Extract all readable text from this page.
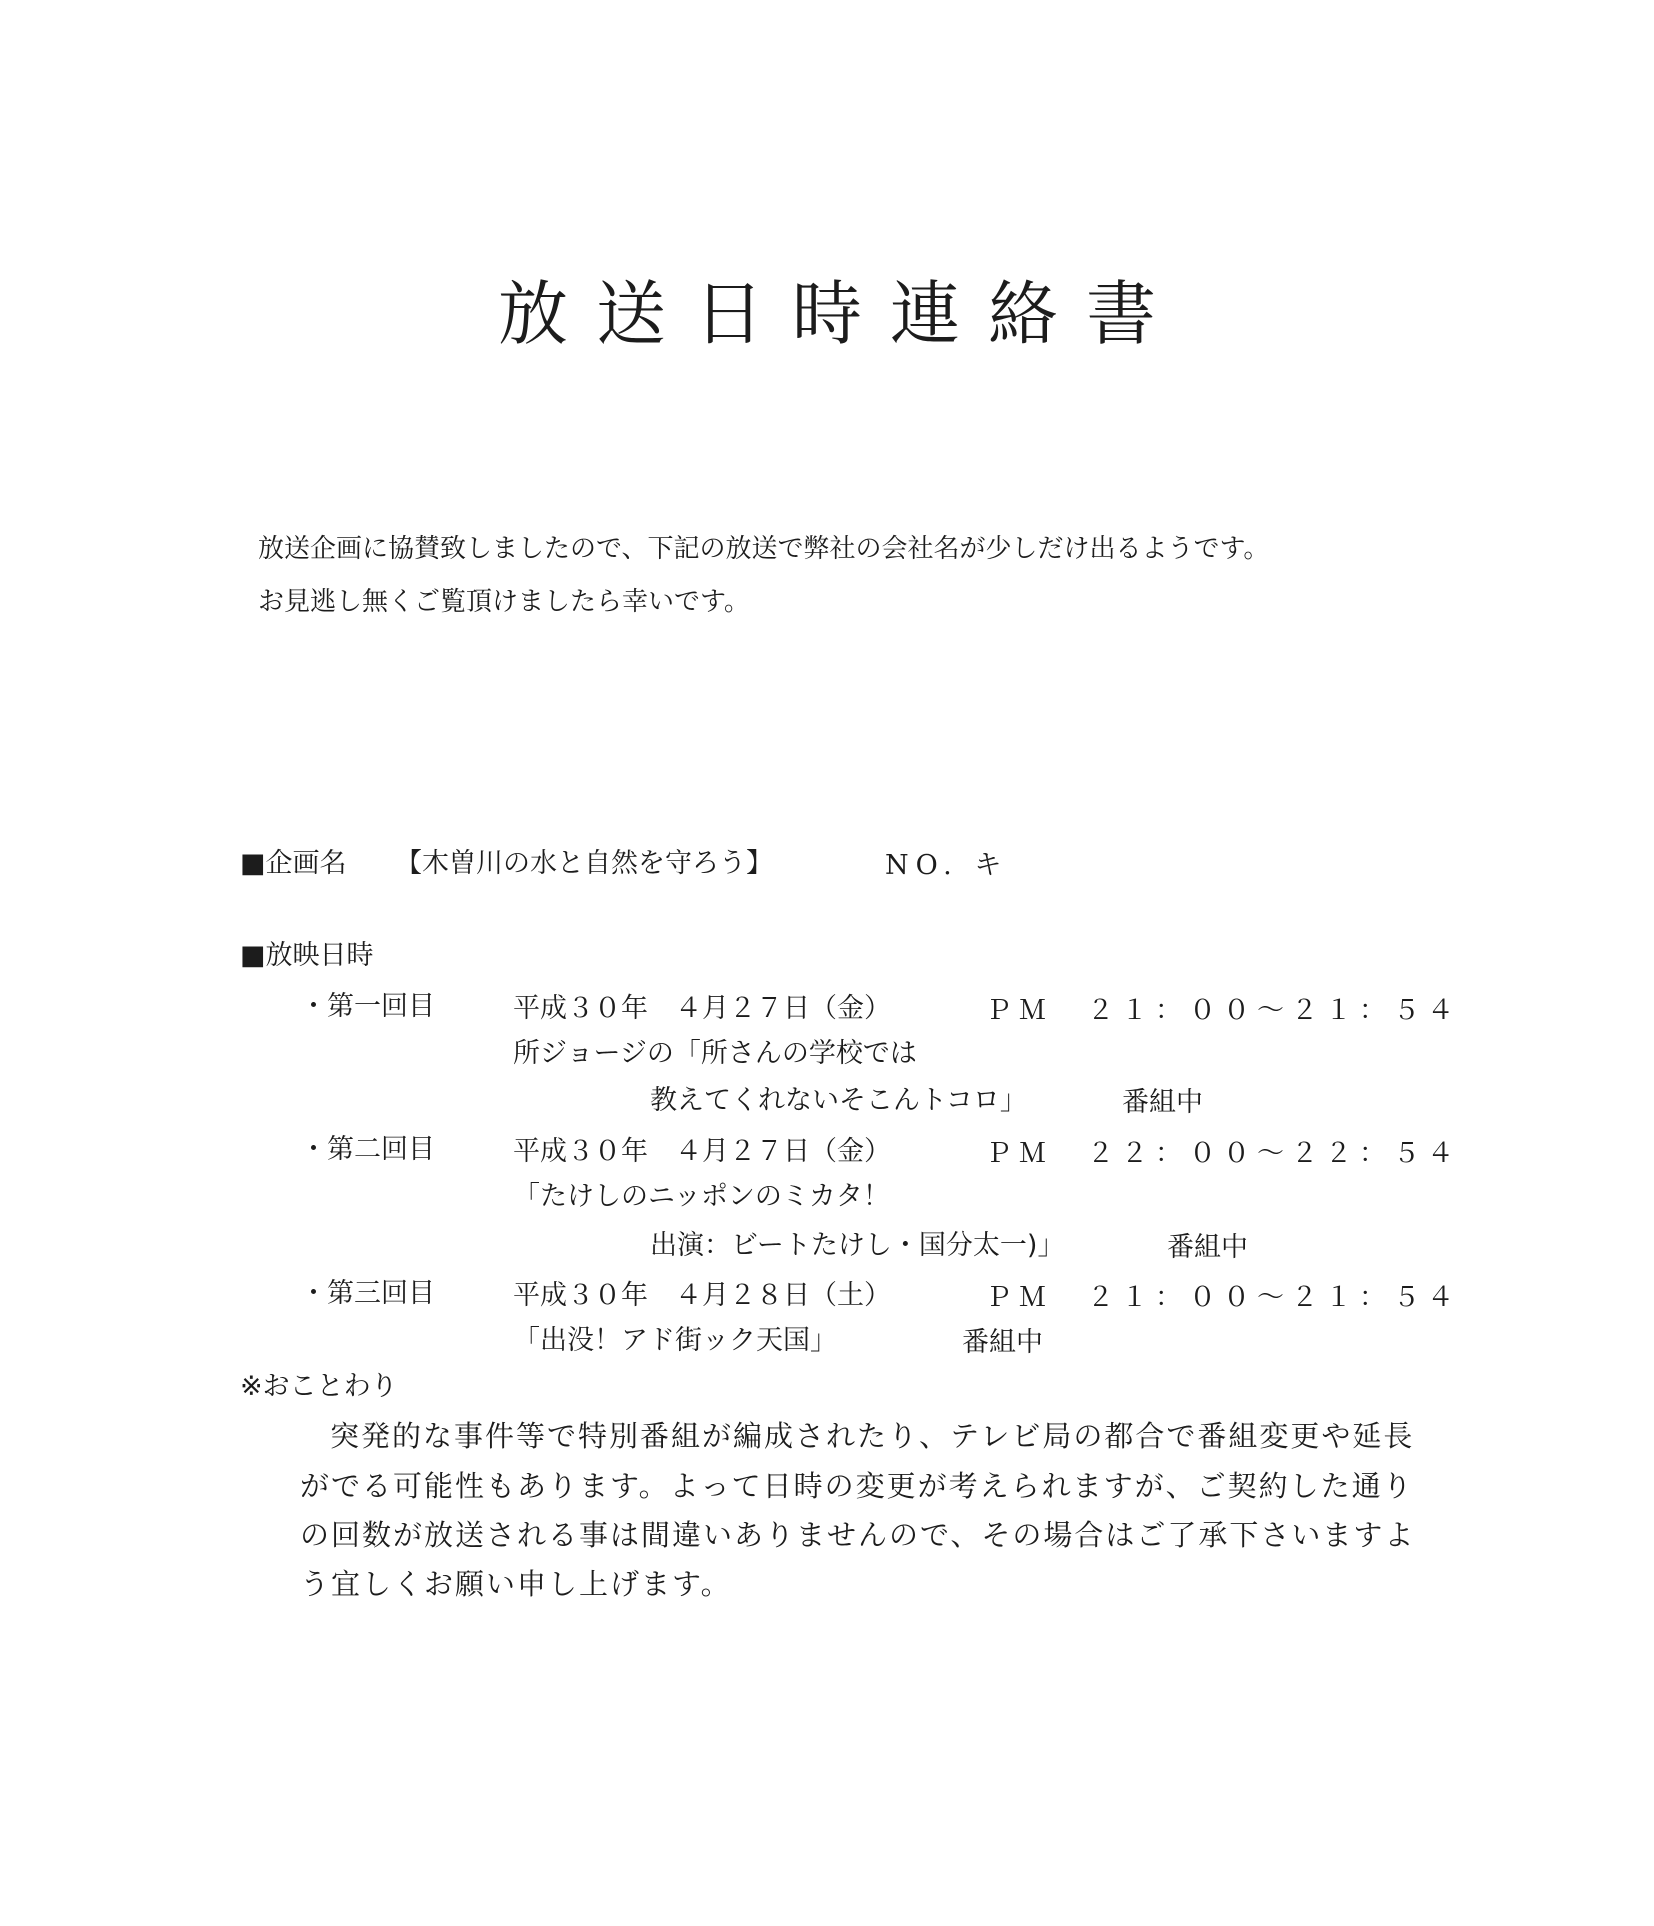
放送日時連絡書
放送企画に協賛致しましたので、下記の放送で弊社の会社名が少しだけ出るようです。
お見逃し無くご覧頂けましたら幸いです。
■企画名 【木曽川の水と自然を守ろう】	NO. キ
■放映日時
・第一回目	平成３０年　４月２７日（金）	ＰＭ　２１：００～２１：５４
所ジョージの「所さんの学校では
教えてくれないそこんトコロ」	番組中
・第二回目	平成３０年　４月２７日（金）	ＰＭ　２２：００～２２：５４
「たけしのニッポンのミカタ！
出演：ビートたけし・国分太一)」	番組中
・第三回目	平成３０年　４月２８日（土）	ＰＭ　２１：００～２１：５４
「出没！アド街ック天国」	番組中
※おことわり
突発的な事件等で特別番組が編成されたり、テレビ局の都合で番組変更や延長
がでる可能性もあります。よって日時の変更が考えられますが、ご契約した通り
の回数が放送される事は間違いありませんので、その場合はご了承下さいますよ
う宜しくお願い申し上げます。
